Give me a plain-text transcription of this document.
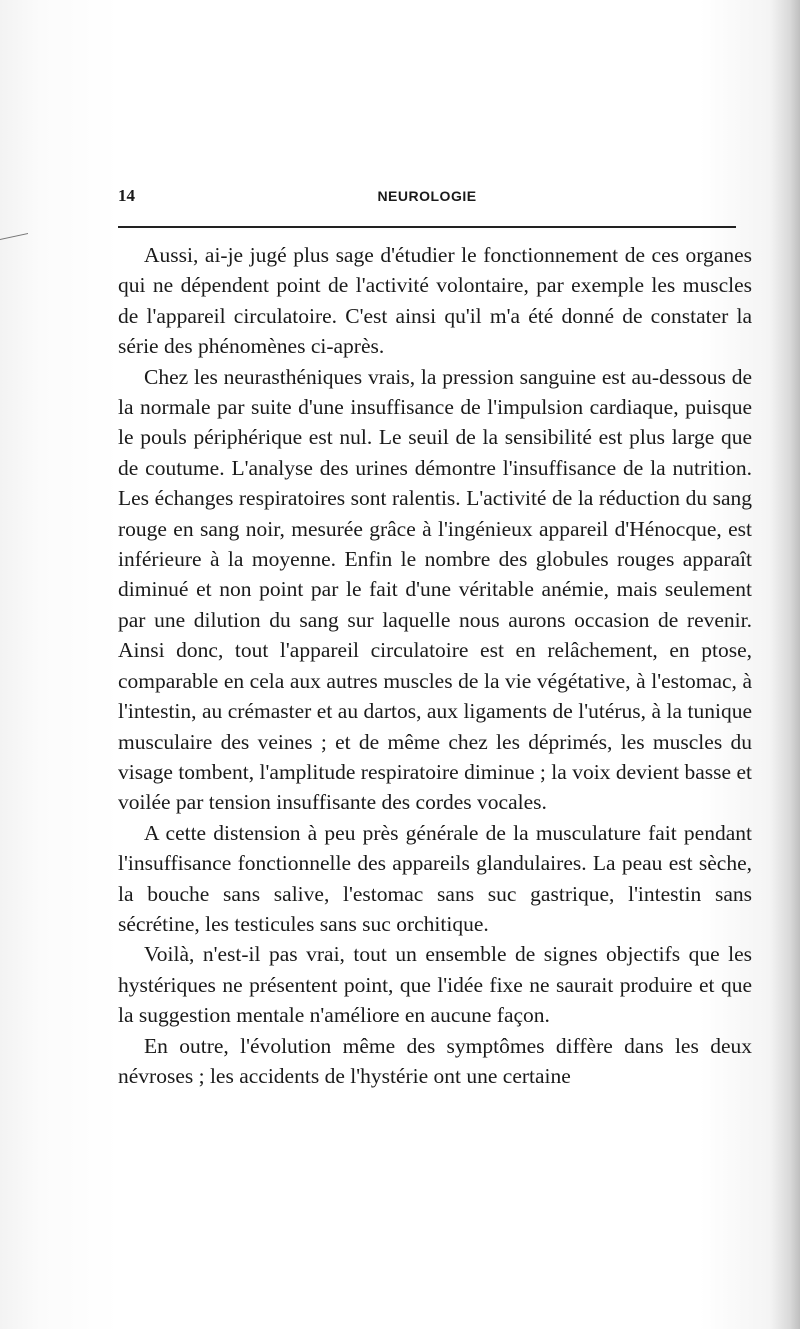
14	NEUROLOGIE

Aussi, ai-je jugé plus sage d'étudier le fonctionnement de ces organes qui ne dépendent point de l'activité volontaire, par exemple les muscles de l'appareil circulatoire. C'est ainsi qu'il m'a été donné de constater la série des phénomènes ci-après.

Chez les neurasthéniques vrais, la pression sanguine est au-dessous de la normale par suite d'une insuffisance de l'impulsion cardiaque, puisque le pouls périphérique est nul. Le seuil de la sensibilité est plus large que de coutume. L'analyse des urines démontre l'insuffisance de la nutrition. Les échanges respiratoires sont ralentis. L'activité de la réduction du sang rouge en sang noir, mesurée grâce à l'ingénieux appareil d'Hénocque, est inférieure à la moyenne. Enfin le nombre des globules rouges apparaît diminué et non point par le fait d'une véritable anémie, mais seulement par une dilution du sang sur laquelle nous aurons occasion de revenir. Ainsi donc, tout l'appareil circulatoire est en relâchement, en ptose, comparable en cela aux autres muscles de la vie végétative, à l'estomac, à l'intestin, au crémaster et au dartos, aux ligaments de l'utérus, à la tunique musculaire des veines ; et de même chez les déprimés, les muscles du visage tombent, l'amplitude respiratoire diminue ; la voix devient basse et voilée par tension insuffisante des cordes vocales.

A cette distension à peu près générale de la musculature fait pendant l'insuffisance fonctionnelle des appareils glandulaires. La peau est sèche, la bouche sans salive, l'estomac sans suc gastrique, l'intestin sans sécrétine, les testicules sans suc orchitique.

Voilà, n'est-il pas vrai, tout un ensemble de signes objectifs que les hystériques ne présentent point, que l'idée fixe ne saurait produire et que la suggestion mentale n'améliore en aucune façon.

En outre, l'évolution même des symptômes diffère dans les deux névroses ; les accidents de l'hystérie ont une certaine
